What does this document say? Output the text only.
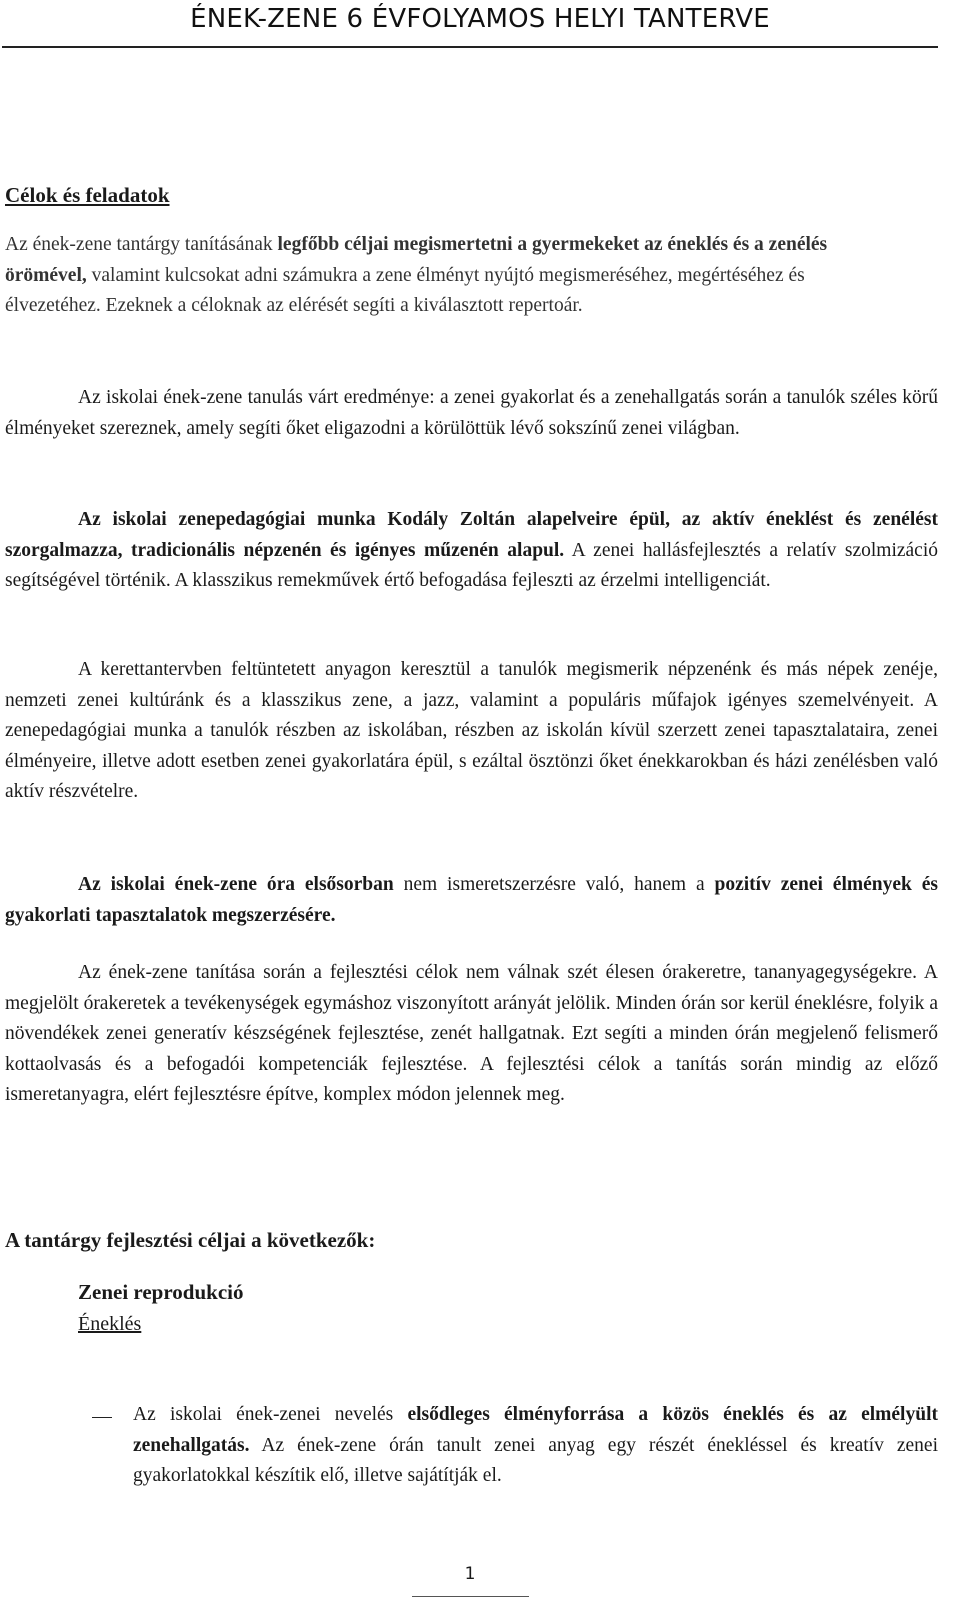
ÉNEK-ZENE 6 ÉVFOLYAMOS HELYI TANTERVE
Célok és feladatok

Az ének-zene tantárgy tanításának legfőbb céljai megismertetni a gyermekeket az éneklés és a zenélés örömével, valamint kulcsokat adni számukra a zene élményt nyújtó megismeréséhez, megértéséhez és élvezetéhez. Ezeknek a céloknak az elérését segíti a kiválasztott repertoár.

Az iskolai ének-zene tanulás várt eredménye: a zenei gyakorlat és a zenehallgatás során a tanulók széles körű élményeket szereznek, amely segíti őket eligazodni a körülöttük lévő sokszínű zenei világban.

Az iskolai zenepedagógiai munka Kodály Zoltán alapelveire épül, az aktív éneklést és zenélést szorgalmazza, tradicionális népzenén és igényes műzenén alapul. A zenei hallásfejlesztés a relatív szolmizáció segítségével történik. A klasszikus remekművek értő befogadása fejleszti az érzelmi intelligenciát.

A kerettantervben feltüntetett anyagon keresztül a tanulók megismerik népzenénk és más népek zenéje, nemzeti zenei kultúránk és a klasszikus zene, a jazz, valamint a populáris műfajok igényes szemelvényeit. A zenepedagógiai munka a tanulók részben az iskolában, részben az iskolán kívül szerzett zenei tapasztalataira, zenei élményeire, illetve adott esetben zenei gyakorlatára épül, s ezáltal ösztönzi őket énekkarokban és házi zenélésben való aktív részvételre.

Az iskolai ének-zene óra elsősorban nem ismeretszerzésre való, hanem a pozitív zenei élmények és gyakorlati tapasztalatok megszerzésére.

Az ének-zene tanítása során a fejlesztési célok nem válnak szét élesen órakeretre, tananyagegységekre. A megjelölt órakeretek a tevékenységek egymáshoz viszonyított arányát jelölik. Minden órán sor kerül éneklésre, folyik a növendékek zenei generatív készségének fejlesztése, zenét hallgatnak. Ezt segíti a minden órán megjelenő felismerő kottaolvasás és a befogadói kompetenciák fejlesztése. A fejlesztési célok a tanítás során mindig az előző ismeretanyagra, elért fejlesztésre építve, komplex módon jelennek meg.

A tantárgy fejlesztési céljai a következők:
Zenei reprodukció
Éneklés

Az iskolai ének-zenei nevelés elsődleges élményforrása a közös éneklés és az elmélyült zenehallgatás. Az ének-zene órán tanult zenei anyag egy részét énekléssel és kreatív zenei gyakorlatokkal készítik elő, illetve sajátítják el.

1
